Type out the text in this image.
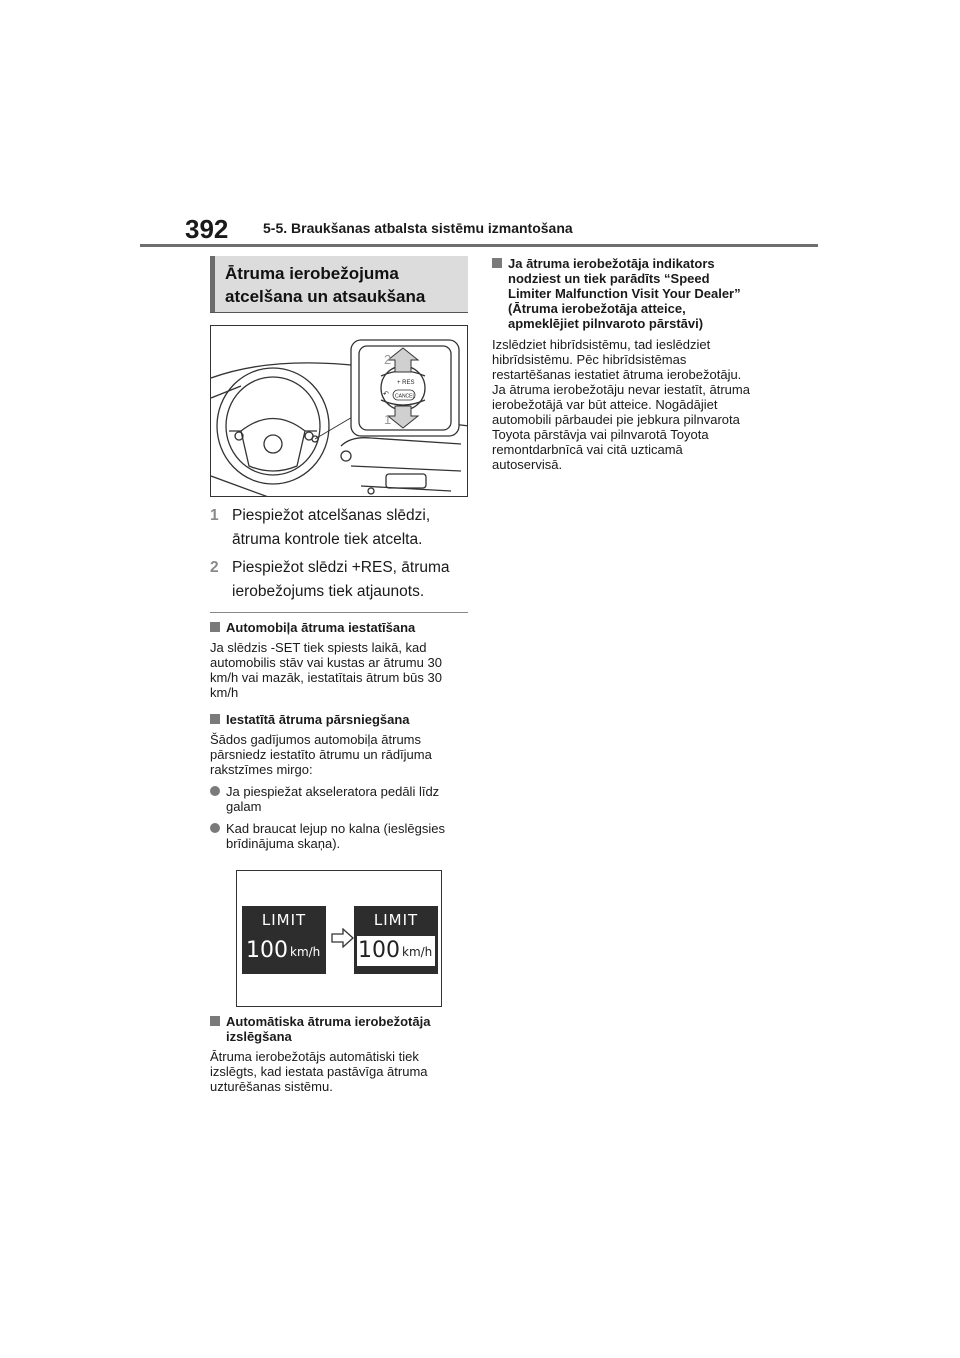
392 5-5. Braukšanas atbalsta sistēmu izmantošana
Ātruma ierobežojuma
atcelšana un atsaukšana
2
1
+ RES
CANCEL
↶
1 Piespiežot atcelšanas slēdzi, ātruma kontrole tiek atcelta.
2 Piespiežot slēdzi +RES, ātruma ierobežojums tiek atjaunots.
Automobiļa ātruma iestatīšana
Ja slēdzis -SET tiek spiests laikā, kad automobilis stāv vai kustas ar ātrumu 30 km/h vai mazāk, iestatītais ātrum būs 30 km/h
Iestatītā ātruma pārsniegšana
Šādos gadījumos automobiļa ātrums pārsniedz iestatīto ātrumu un rādījuma rakstzīmes mirgo:
Ja piespiežat akseleratora pedāli līdz galam
Kad braucat lejup no kalna (ieslēgsies brīdinājuma skaņa).
LIMIT
100 km/h
LIMIT
100 km/h
Automātiska ātruma ierobežotāja izslēgšana
Ātruma ierobežotājs automātiski tiek izslēgts, kad iestata pastāvīga ātruma uzturēšanas sistēmu.
Ja ātruma ierobežotāja indikators nodziest un tiek parādīts “Speed Limiter Malfunction Visit Your Dealer” (Ātruma ierobežotāja atteice, apmeklējiet pilnvaroto pārstāvi)
Izslēdziet hibrīdsistēmu, tad ieslēdziet hibrīdsistēmu. Pēc hibrīdsistēmas restartēšanas iestatiet ātruma ierobežotāju.
Ja ātruma ierobežotāju nevar iestatīt, ātruma ierobežotājā var būt atteice. Nogādājiet automobili pārbaudei pie jebkura pilnvarota Toyota pārstāvja vai pilnvarotā Toyota remontdarbnīcā vai citā uzticamā autoservisā.
